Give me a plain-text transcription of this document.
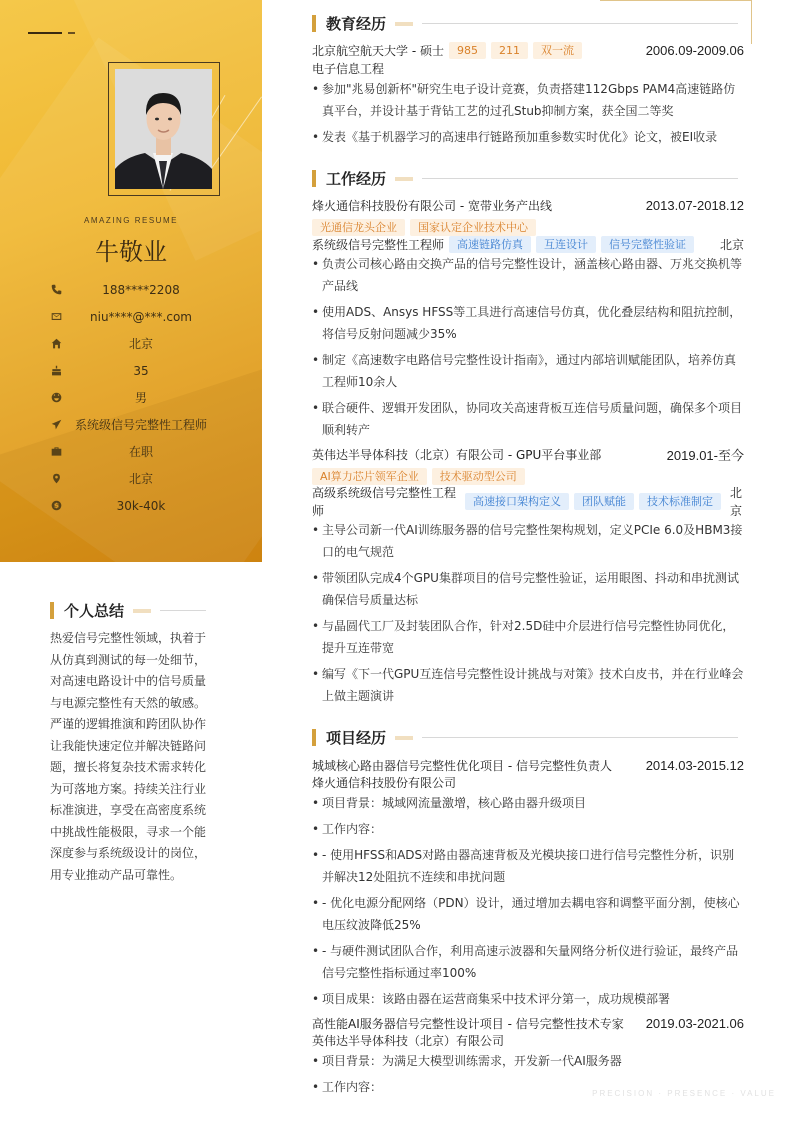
AMAZING RESUME
牛敬业
188****2208
niu****@***.com
北京
35
男
系统级信号完整性工程师
在职
北京
30k-40k
个人总结
热爱信号完整性领域，执着于从仿真到测试的每一处细节，对高速电路设计中的信号质量与电源完整性有天然的敏感。严谨的逻辑推演和跨团队协作让我能快速定位并解决链路问题，擅长将复杂技术需求转化为可落地方案。持续关注行业标准演进，享受在高密度系统中挑战性能极限，寻求一个能深度参与系统级设计的岗位，用专业推动产品可靠性。
教育经历
北京航空航天大学 - 硕士	985	211	双一流	2006.09-2009.06
电子信息工程
• 参加"兆易创新杯"研究生电子设计竞赛，负责搭建112Gbps PAM4高速链路仿真平台，并设计基于背钻工艺的过孔Stub抑制方案，获全国二等奖
• 发表《基于机器学习的高速串行链路预加重参数实时优化》论文，被EI收录
工作经历
烽火通信科技股份有限公司 - 宽带业务产出线	2013.07-2018.12
光通信龙头企业	国家认定企业技术中心
系统级信号完整性工程师	高速链路仿真	互连设计	信号完整性验证	北京
• 负责公司核心路由交换产品的信号完整性设计，涵盖核心路由器、万兆交换机等产品线
• 使用ADS、Ansys HFSS等工具进行高速信号仿真，优化叠层结构和阻抗控制，将信号反射问题减少35%
• 制定《高速数字电路信号完整性设计指南》，通过内部培训赋能团队，培养仿真工程师10余人
• 联合硬件、逻辑开发团队，协同攻关高速背板互连信号质量问题，确保多个项目顺利转产
英伟达半导体科技（北京）有限公司 - GPU平台事业部	2019.01-至今
AI算力芯片领军企业	技术驱动型公司
高级系统级信号完整性工程师
高速接口架构定义	团队赋能	技术标准制定
北京
• 主导公司新一代AI训练服务器的信号完整性架构规划，定义PCIe 6.0及HBM3接口的电气规范
• 带领团队完成4个GPU集群项目的信号完整性验证，运用眼图、抖动和串扰测试确保信号质量达标
• 与晶圆代工厂及封装团队合作，针对2.5D硅中介层进行信号完整性协同优化，提升互连带宽
• 编写《下一代GPU互连信号完整性设计挑战与对策》技术白皮书，并在行业峰会上做主题演讲
项目经历
城域核心路由器信号完整性优化项目 - 信号完整性负责人	2014.03-2015.12
烽火通信科技股份有限公司
• 项目背景：城域网流量激增，核心路由器升级项目
• 工作内容：
• - 使用HFSS和ADS对路由器高速背板及光模块接口进行信号完整性分析，识别并解决12处阻抗不连续和串扰问题
• - 优化电源分配网络（PDN）设计，通过增加去耦电容和调整平面分割，使核心电压纹波降低25%
• - 与硬件测试团队合作，利用高速示波器和矢量网络分析仪进行验证，最终产品信号完整性指标通过率100%
• 项目成果：该路由器在运营商集采中技术评分第一，成功规模部署
高性能AI服务器信号完整性设计项目 - 信号完整性技术专家 2019.03-2021.06
英伟达半导体科技（北京）有限公司
• 项目背景：为满足大模型训练需求，开发新一代AI服务器
• 工作内容：	PRECISION · PRESENCE · VALUE
